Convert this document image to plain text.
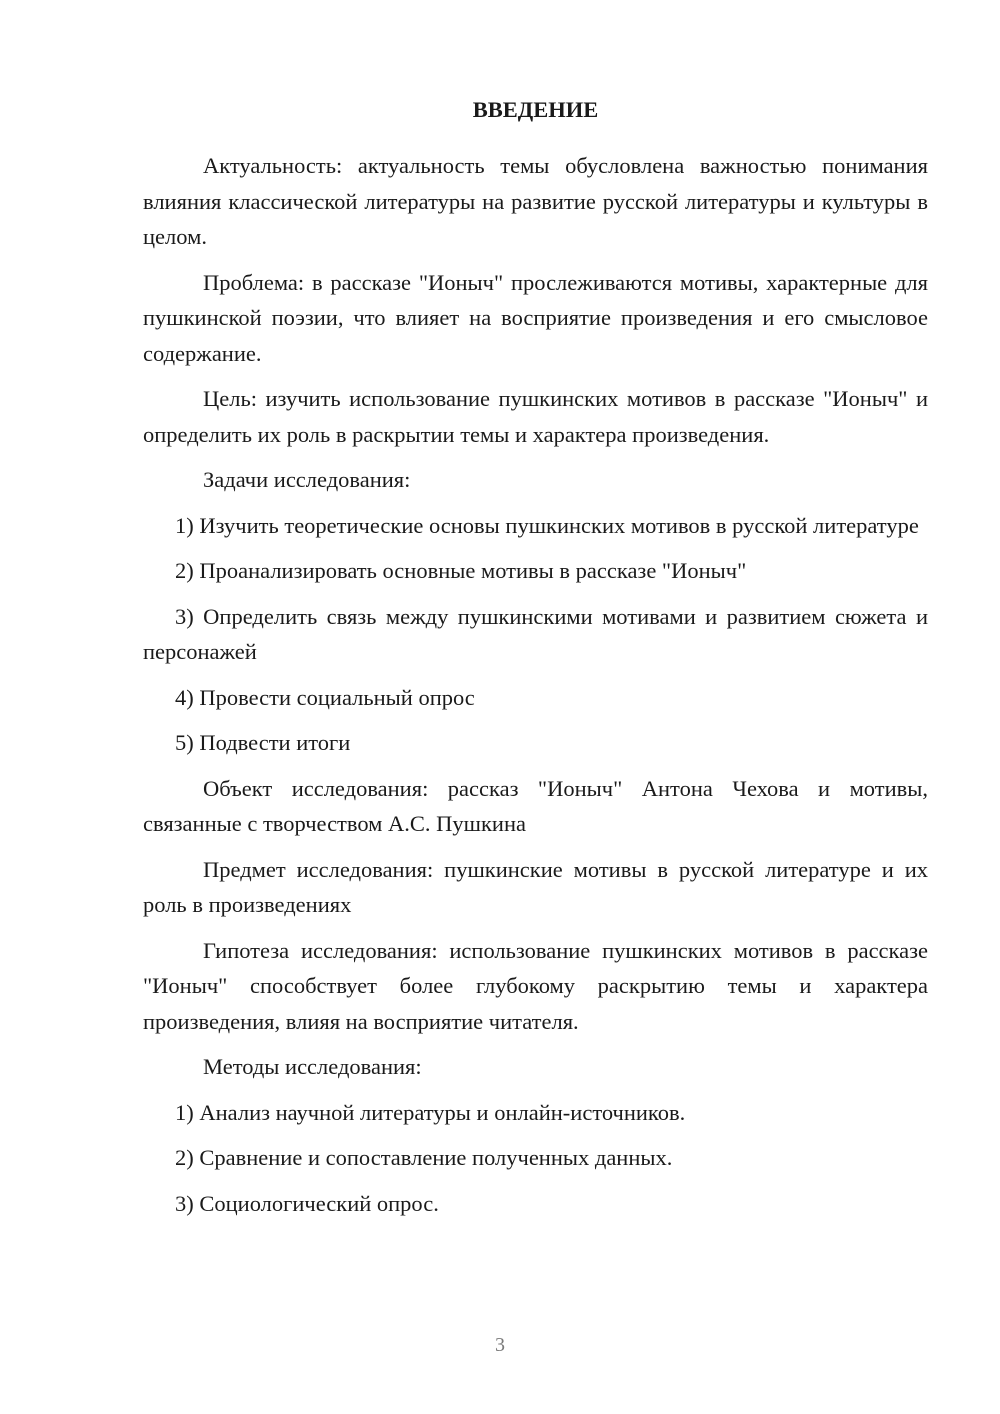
ВВЕДЕНИЕ

Актуальность: актуальность темы обусловлена важностью понимания влияния классической литературы на развитие русской литературы и культуры в целом.

Проблема: в рассказе "Ионыч" прослеживаются мотивы, характерные для пушкинской поэзии, что влияет на восприятие произведения и его смысловое содержание.

Цель: изучить использование пушкинских мотивов в рассказе "Ионыч" и определить их роль в раскрытии темы и характера произведения.

Задачи исследования:

1) Изучить теоретические основы пушкинских мотивов в русской литературе

2) Проанализировать основные мотивы в рассказе "Ионыч"

3) Определить связь между пушкинскими мотивами и развитием сюжета и персонажей

4) Провести социальный опрос

5) Подвести итоги

Объект исследования: рассказ "Ионыч" Антона Чехова и мотивы, связанные с творчеством А.С. Пушкина

Предмет исследования: пушкинские мотивы в русской литературе и их роль в произведениях

Гипотеза исследования: использование пушкинских мотивов в рассказе "Ионыч" способствует более глубокому раскрытию темы и характера произведения, влияя на восприятие читателя.

Методы исследования:

1) Анализ научной литературы и онлайн-источников.

2) Сравнение и сопоставление полученных данных.

3) Социологический опрос.

3
